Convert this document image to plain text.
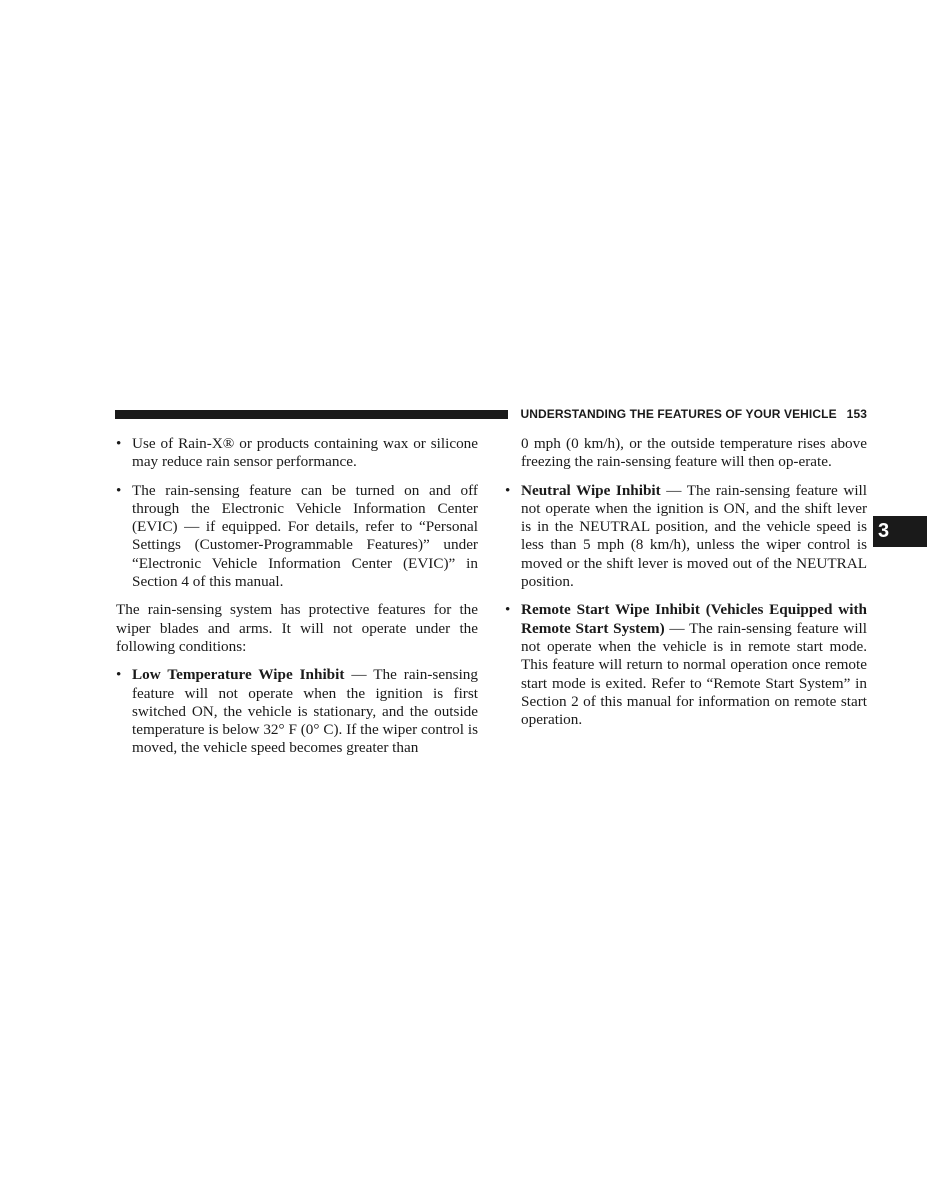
UNDERSTANDING THE FEATURES OF YOUR VEHICLE 153
3
• Use of Rain-X® or products containing wax or silicone may reduce rain sensor performance.
• The rain-sensing feature can be turned on and off through the Electronic Vehicle Information Center (EVIC) — if equipped. For details, refer to “Personal Settings (Customer-Programmable Features)” under “Electronic Vehicle Information Center (EVIC)” in Section 4 of this manual.

The rain-sensing system has protective features for the wiper blades and arms. It will not operate under the following conditions:

• Low Temperature Wipe Inhibit — The rain-sensing feature will not operate when the ignition is first switched ON, the vehicle is stationary, and the outside temperature is below 32° F (0° C). If the wiper control is moved, the vehicle speed becomes greater than
0 mph (0 km/h), or the outside temperature rises above freezing the rain-sensing feature will then op-erate.
• Neutral Wipe Inhibit — The rain-sensing feature will not operate when the ignition is ON, and the shift lever is in the NEUTRAL position, and the vehicle speed is less than 5 mph (8 km/h), unless the wiper control is moved or the shift lever is moved out of the NEUTRAL position.
• Remote Start Wipe Inhibit (Vehicles Equipped with Remote Start System) — The rain-sensing feature will not operate when the vehicle is in remote start mode. This feature will return to normal operation once remote start mode is exited. Refer to “Remote Start System” in Section 2 of this manual for information on remote start operation.
